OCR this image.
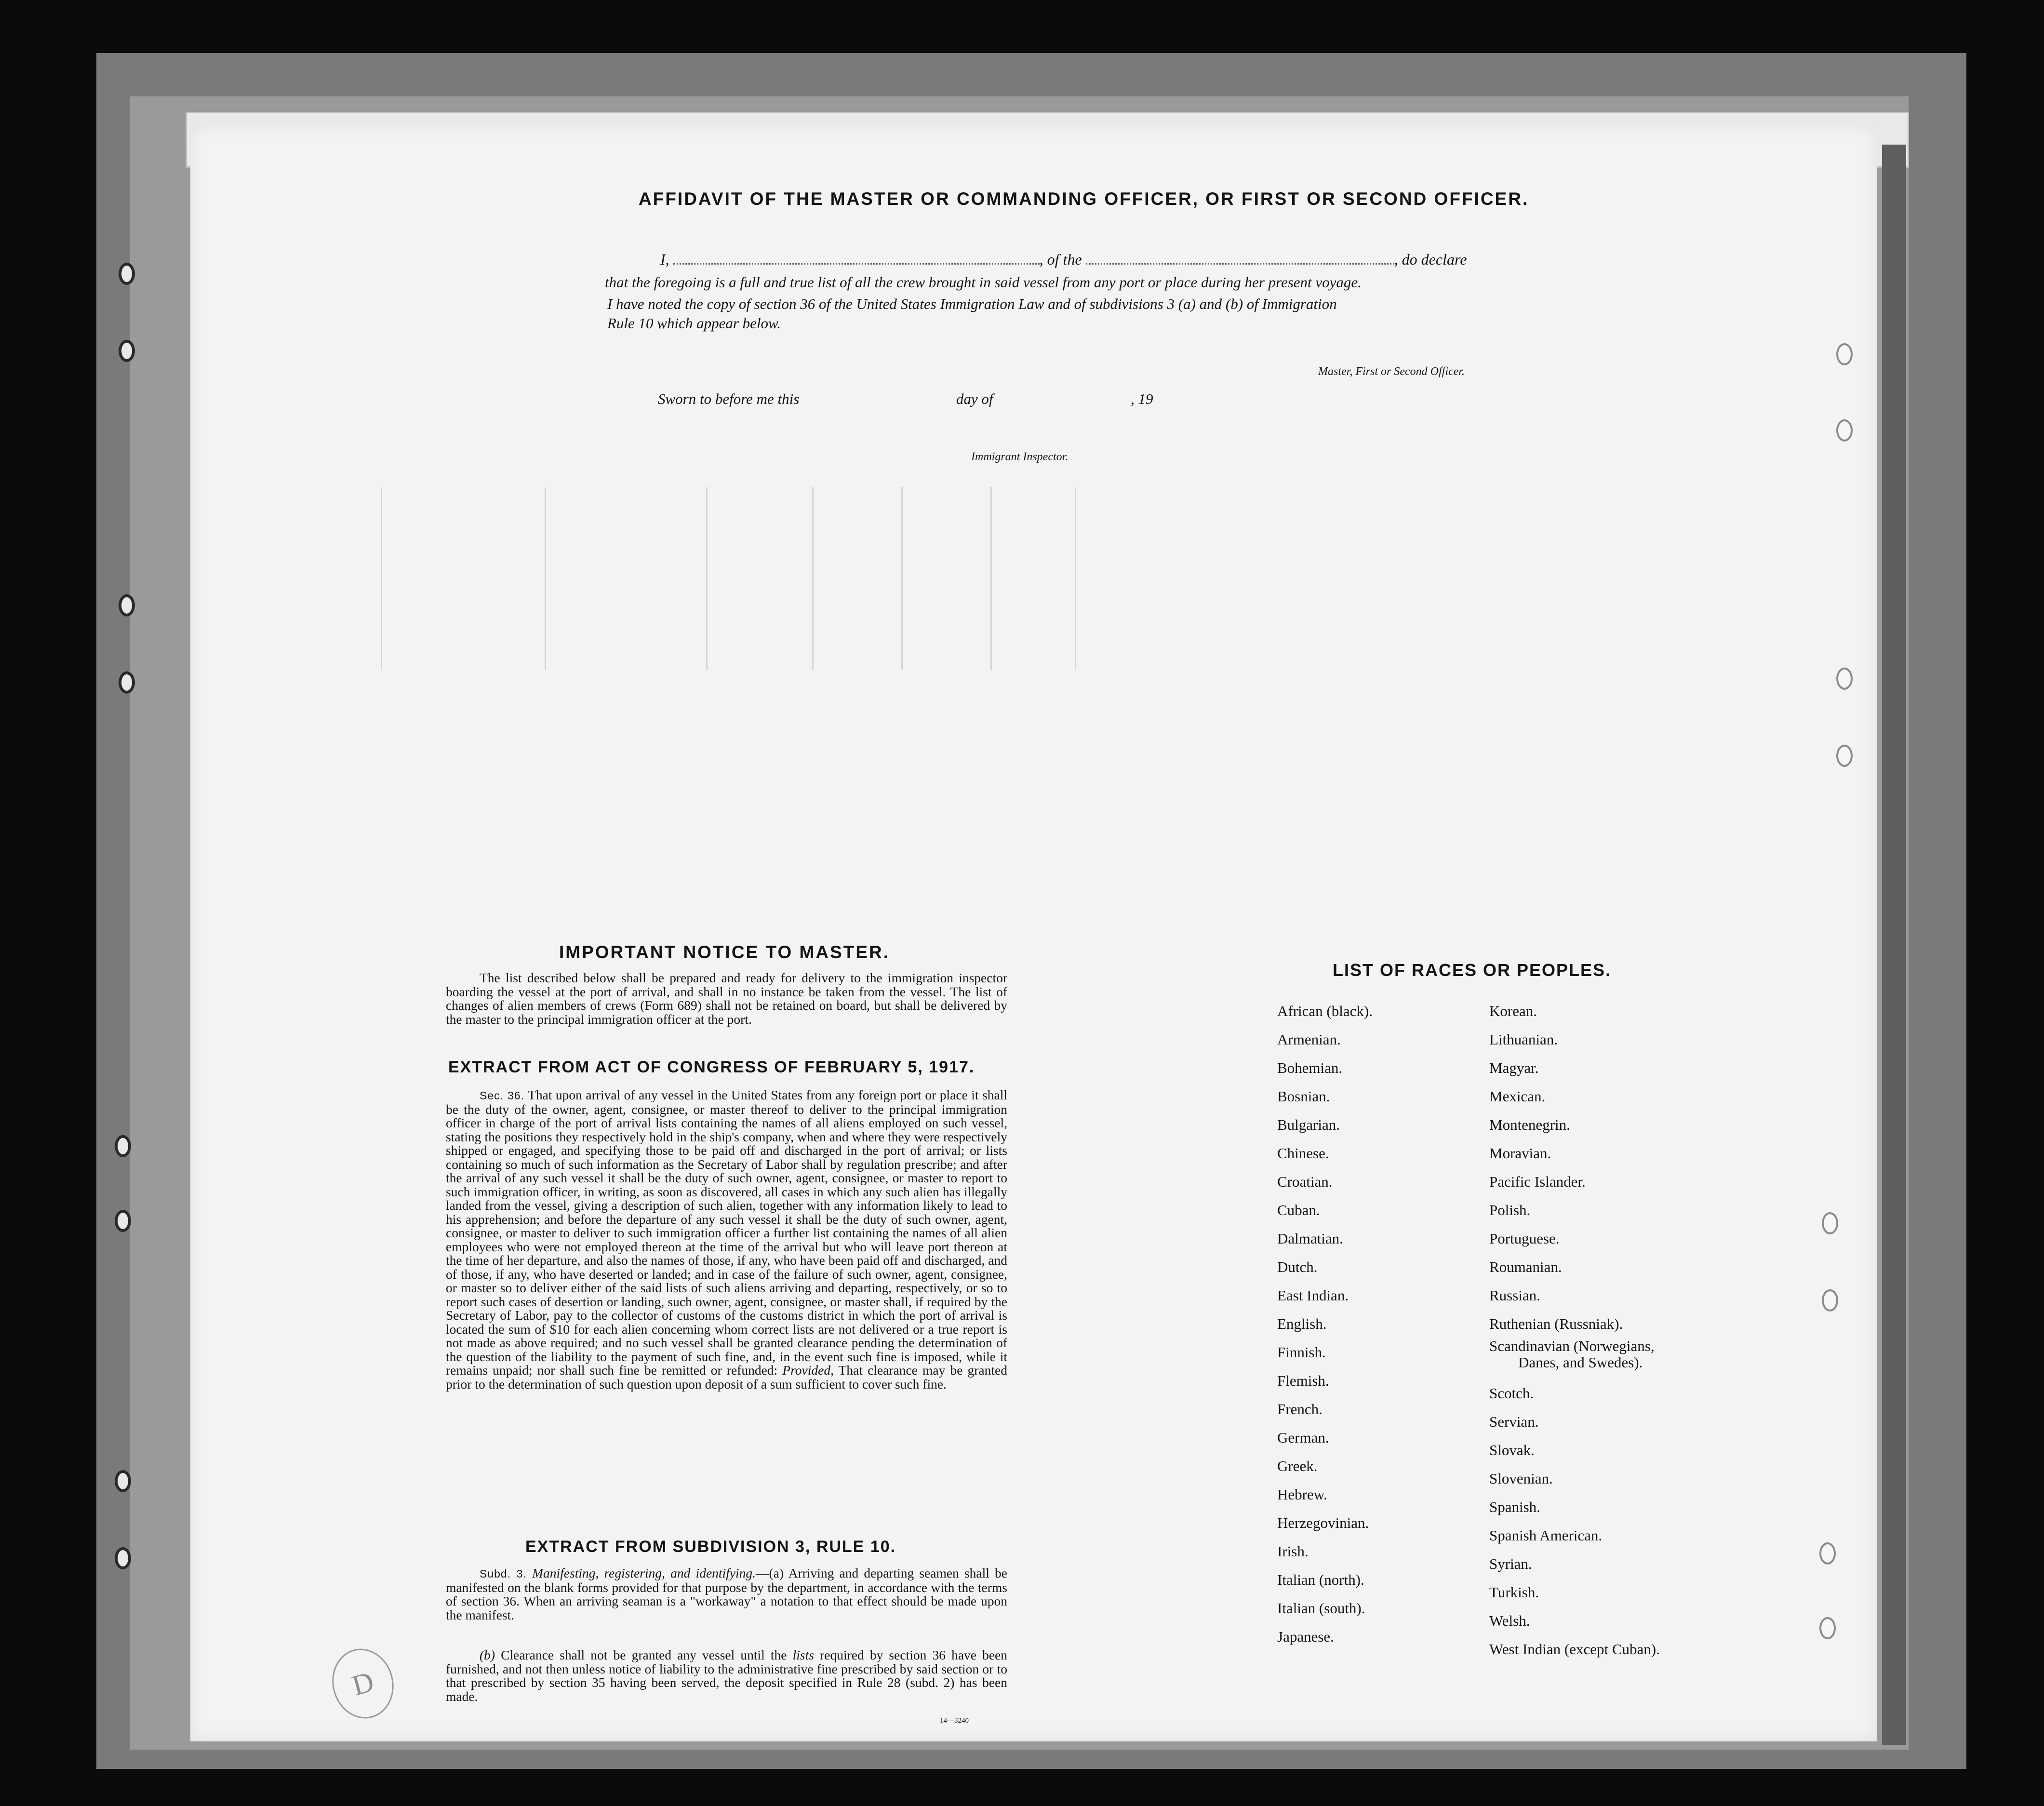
AFFIDAVIT OF THE MASTER OR COMMANDING OFFICER, OR FIRST OR SECOND OFFICER.
I,	, of the	, do declare
that the foregoing is a full and true list of all the crew brought in said vessel from any port or place during her present voyage.
I have noted the copy of section 36 of the United States Immigration Law and of subdivisions 3 (a) and (b) of Immigration
Rule 10 which appear below.
Master, First or Second Officer.
Sworn to before me this	day of	, 19
Immigrant Inspector.
IMPORTANT NOTICE TO MASTER.
The list described below shall be prepared and ready for delivery to the immigration inspector boarding the vessel at the port of arrival, and shall in no instance be taken from the vessel. The list of changes of alien members of crews (Form 689) shall not be retained on board, but shall be delivered by the master to the principal immigration officer at the port.
EXTRACT FROM ACT OF CONGRESS OF FEBRUARY 5, 1917.
Sec. 36. That upon arrival of any vessel in the United States from any foreign port or place it shall be the duty of the owner, agent, consignee, or master thereof to deliver to the principal immigration officer in charge of the port of arrival lists containing the names of all aliens employed on such vessel, stating the positions they respectively hold in the ship's company, when and where they were respectively shipped or engaged, and specifying those to be paid off and discharged in the port of arrival; or lists containing so much of such information as the Secretary of Labor shall by regulation prescribe; and after the arrival of any such vessel it shall be the duty of such owner, agent, consignee, or master to report to such immigration officer, in writing, as soon as discovered, all cases in which any such alien has illegally landed from the vessel, giving a description of such alien, together with any information likely to lead to his apprehension; and before the departure of any such vessel it shall be the duty of such owner, agent, consignee, or master to deliver to such immigration officer a further list containing the names of all alien employees who were not employed thereon at the time of the arrival but who will leave port thereon at the time of her departure, and also the names of those, if any, who have been paid off and discharged, and of those, if any, who have deserted or landed; and in case of the failure of such owner, agent, consignee, or master so to deliver either of the said lists of such aliens arriving and departing, respectively, or so to report such cases of desertion or landing, such owner, agent, consignee, or master shall, if required by the Secretary of Labor, pay to the collector of customs of the customs district in which the port of arrival is located the sum of $10 for each alien concerning whom correct lists are not delivered or a true report is not made as above required; and no such vessel shall be granted clearance pending the determination of the question of the liability to the payment of such fine, and, in the event such fine is imposed, while it remains unpaid; nor shall such fine be remitted or refunded: Provided, That clearance may be granted prior to the determination of such question upon deposit of a sum sufficient to cover such fine.
EXTRACT FROM SUBDIVISION 3, RULE 10.
Subd. 3. Manifesting, registering, and identifying.—(a) Arriving and departing seamen shall be manifested on the blank forms provided for that purpose by the department, in accordance with the terms of section 36. When an arriving seaman is a "workaway" a notation to that effect should be made upon the manifest.
(b) Clearance shall not be granted any vessel until the lists required by section 36 have been furnished, and not then unless notice of liability to the administrative fine prescribed by said section or to that prescribed by section 35 having been served, the deposit specified in Rule 28 (subd. 2) has been made.
14—3240
D
LIST OF RACES OR PEOPLES.
African (black).
Armenian.
Bohemian.
Bosnian.
Bulgarian.
Chinese.
Croatian.
Cuban.
Dalmatian.
Dutch.
East Indian.
English.
Finnish.
Flemish.
French.
German.
Greek.
Hebrew.
Herzegovinian.
Irish.
Italian (north).
Italian (south).
Japanese.
Korean.
Lithuanian.
Magyar.
Mexican.
Montenegrin.
Moravian.
Pacific Islander.
Polish.
Portuguese.
Roumanian.
Russian.
Ruthenian (Russniak).
Scandinavian (Norwegians,
Danes, and Swedes).
Scotch.
Servian.
Slovak.
Slovenian.
Spanish.
Spanish American.
Syrian.
Turkish.
Welsh.
West Indian (except Cuban).
